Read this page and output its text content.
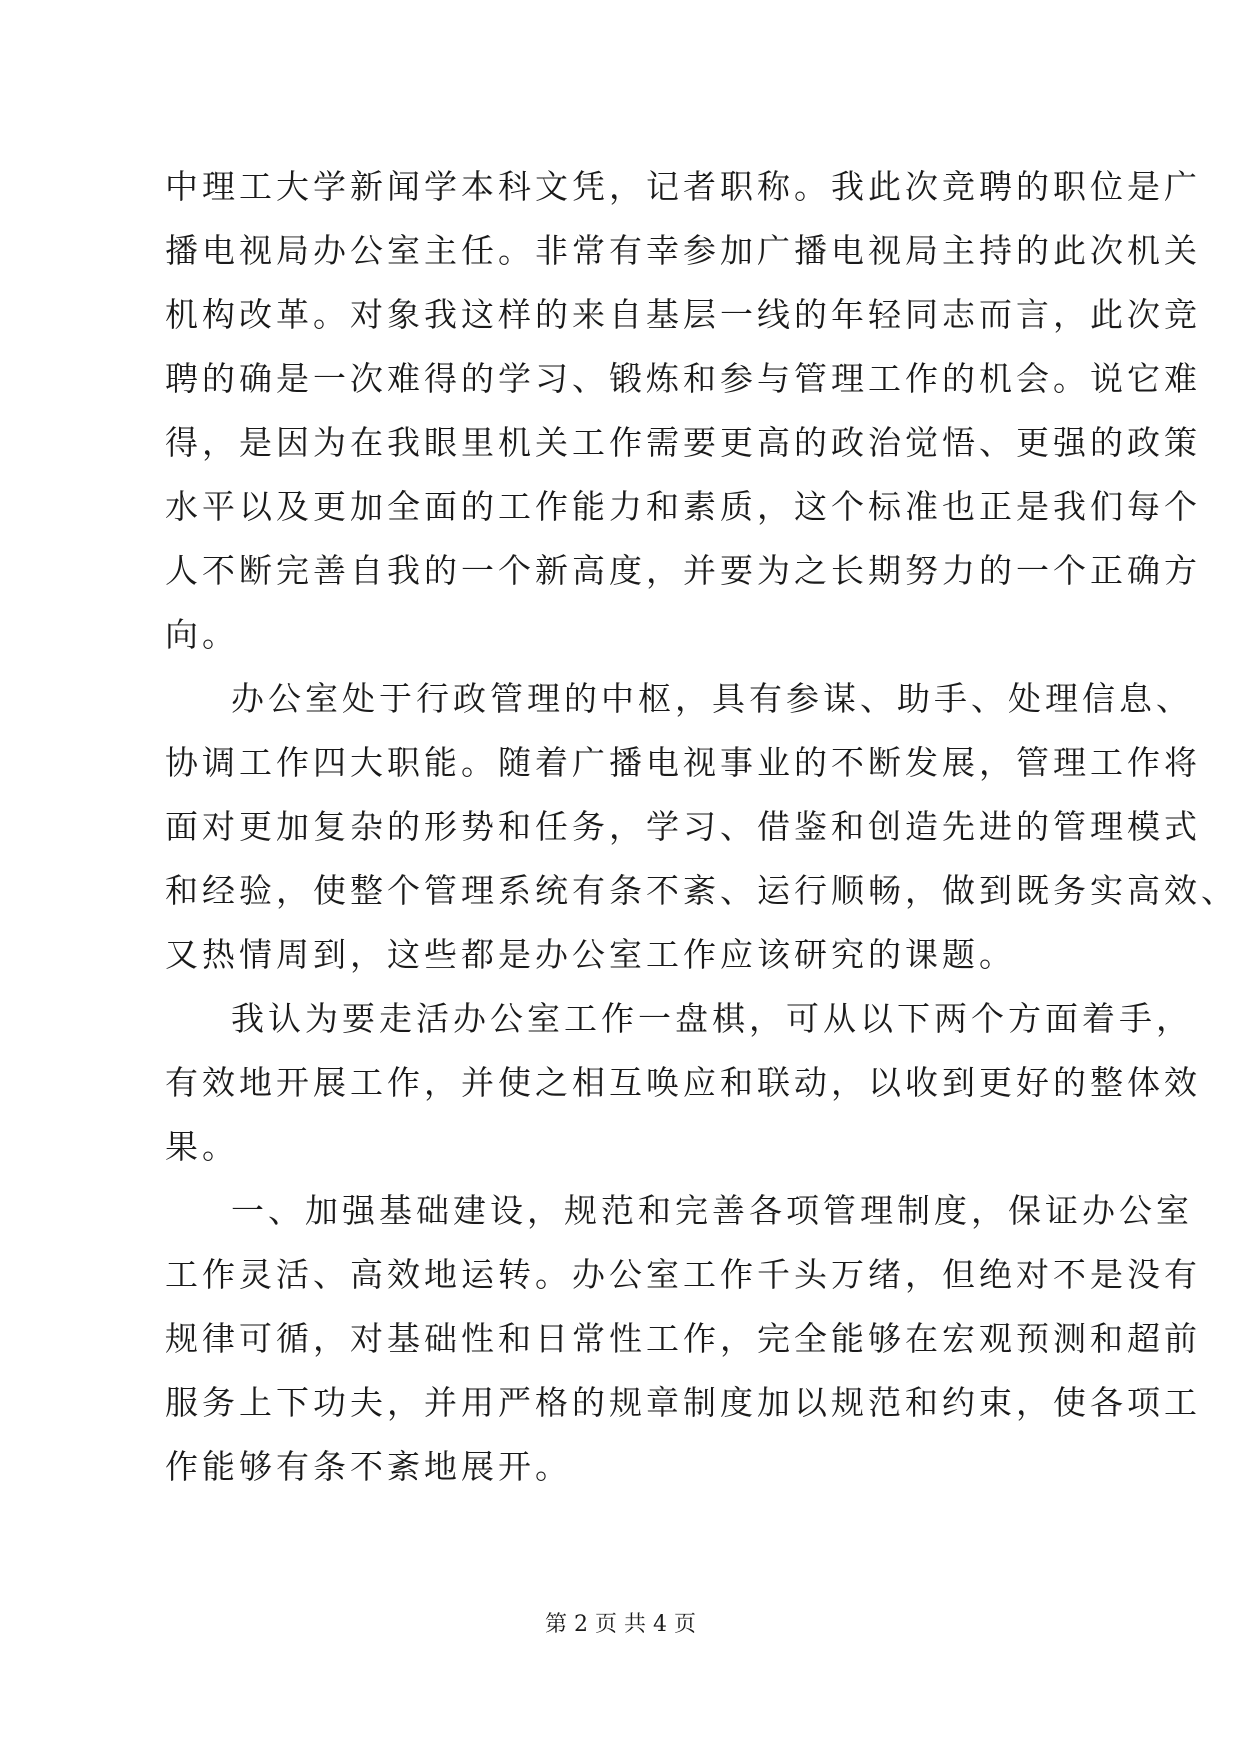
中理工大学新闻学本科文凭，记者职称。我此次竞聘的职位是广
播电视局办公室主任。非常有幸参加广播电视局主持的此次机关
机构改革。对象我这样的来自基层一线的年轻同志而言，此次竞
聘的确是一次难得的学习、锻炼和参与管理工作的机会。说它难
得，是因为在我眼里机关工作需要更高的政治觉悟、更强的政策
水平以及更加全面的工作能力和素质，这个标准也正是我们每个
人不断完善自我的一个新高度，并要为之长期努力的一个正确方
向。
办公室处于行政管理的中枢，具有参谋、助手、处理信息、
协调工作四大职能。随着广播电视事业的不断发展，管理工作将
面对更加复杂的形势和任务，学习、借鉴和创造先进的管理模式
和经验，使整个管理系统有条不紊、运行顺畅，做到既务实高效、
又热情周到，这些都是办公室工作应该研究的课题。
我认为要走活办公室工作一盘棋，可从以下两个方面着手，
有效地开展工作，并使之相互唤应和联动，以收到更好的整体效
果。
一、加强基础建设，规范和完善各项管理制度，保证办公室
工作灵活、高效地运转。办公室工作千头万绪，但绝对不是没有
规律可循，对基础性和日常性工作，完全能够在宏观预测和超前
服务上下功夫，并用严格的规章制度加以规范和约束，使各项工
作能够有条不紊地展开。
第 2 页 共 4 页
